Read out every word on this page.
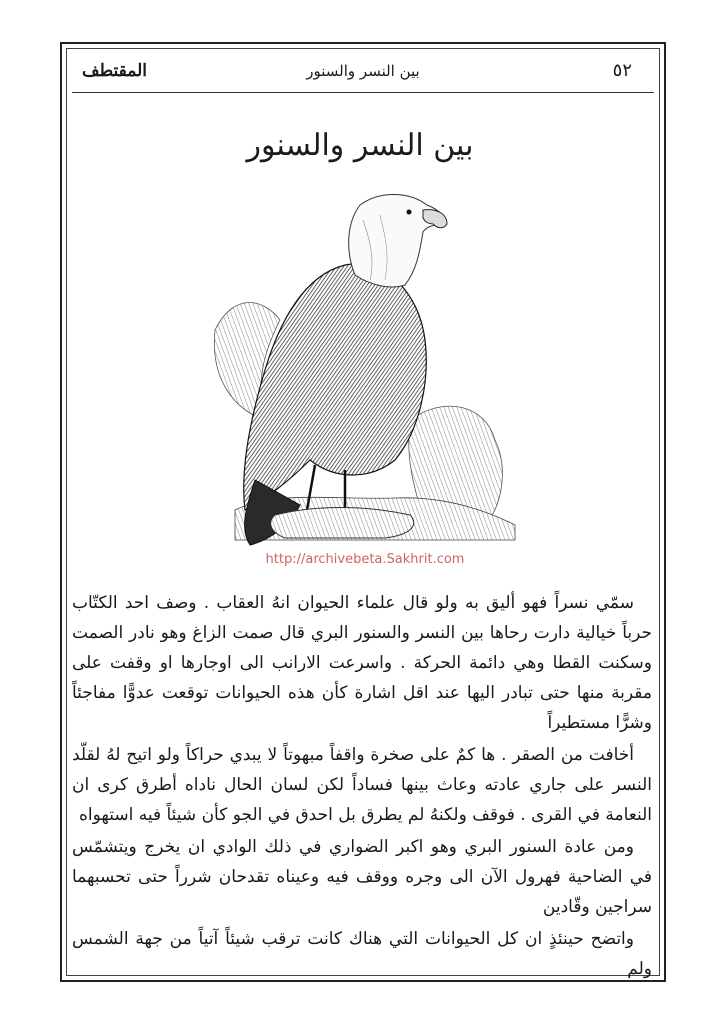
٥٢
بين النسر والسنور
المقتطف
بين النسر والسنور
http://archivebeta.Sakhrit.com

سمّي نسراً فهو أليق به ولو قال علماء الحيوان انهُ العقاب . وصف احد الكتّاب حرباً خيالية دارت رحاها بين النسر والسنور البري قال صمت الزاغ وهو نادر الصمت وسكنت القطا وهي دائمة الحركة . واسرعت الارانب الى اوجارها او وقفت على مقربة منها حتى تبادر اليها عند اقل اشارة كأن هذه الحيوانات توقعت عدوًّا مفاجئاً وشرًّا مستطيراً

أخافت من الصقر . ها كمٌ على صخرة واقفاً مبهوتاً لا يبدي حراكاً ولو اتيح لهُ لقلّد النسر على جاري عادته وعاث بينها فساداً لكن لسان الحال ناداه أطرق كرى ان النعامة في القرى . فوقف ولكنهُ لم يطرق بل احدق في الجو كأن شيئاً فيه استهواه

ومن عادة السنور البري وهو اكبر الضواري في ذلك الوادي ان يخرج ويتشمّس في الضاحية فهرول الآن الى وجره ووقف فيه وعيناه تقدحان شرراً حتى تحسبهما سراجين وقّادين

واتضح حينئذٍ ان كل الحيوانات التي هناك كانت ترقب شيئاً آتياً من جهة الشمس ولم
